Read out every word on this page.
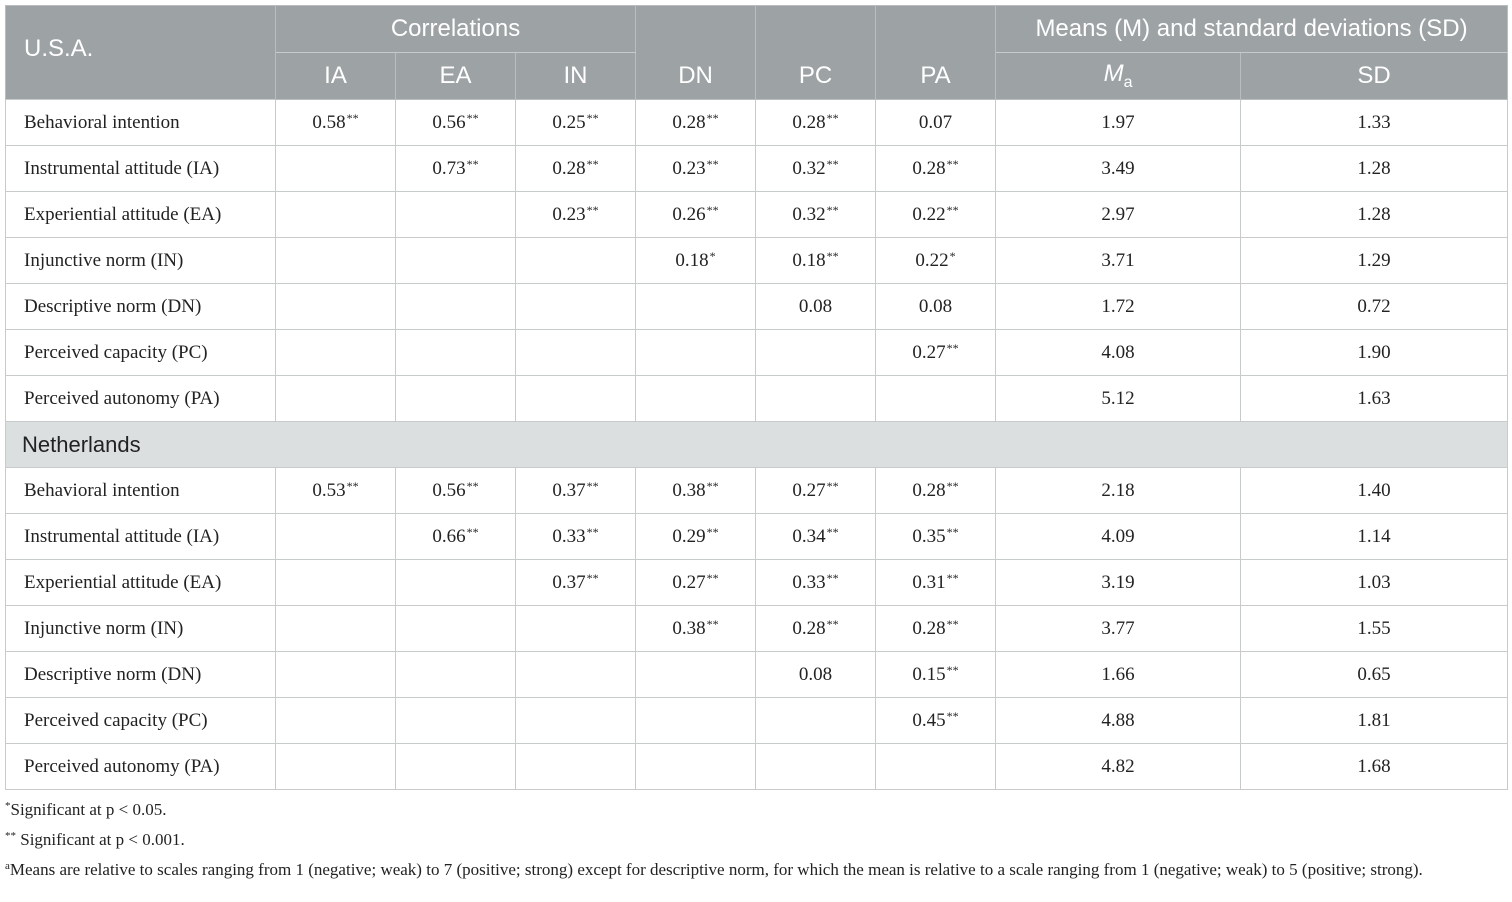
U.S.A.	Correlations						Means (M) and standard deviations (SD)	
	IA	EA	IN	DN	PC	PA	$M_a$	SD
Behavioral intention	0.58**	0.56**	0.25**	0.28**	0.28**	0.07	1.97	1.33
Instrumental attitude (IA)		0.73**	0.28**	0.23**	0.32**	0.28**	3.49	1.28
Experiential attitude (EA)			0.23**	0.26**	0.32**	0.22**	2.97	1.28
Injunctive norm (IN)				0.18*	0.18**	0.22*	3.71	1.29
Descriptive norm (DN)					0.08	0.08	1.72	0.72
Perceived capacity (PC)						0.27**	4.08	1.90
Perceived autonomy (PA)							5.12	1.63
Netherlands								
Behavioral intention	0.53**	0.56**	0.37**	0.38**	0.27**	0.28**	2.18	1.40
Instrumental attitude (IA)		0.66**	0.33**	0.29**	0.34**	0.35**	4.09	1.14
Experiential attitude (EA)			0.37**	0.27**	0.33**	0.31**	3.19	1.03
Injunctive norm (IN)				0.38**	0.28**	0.28**	3.77	1.55
Descriptive norm (DN)					0.08	0.15**	1.66	0.65
Perceived capacity (PC)						0.45**	4.88	1.81
Perceived autonomy (PA)							4.82	1.68

*Significant at p < 0.05.

** Significant at p < 0.001.

$^a$Means are relative to scales ranging from 1 (negative; weak) to 7 (positive; strong) except for descriptive norm, for which the mean is relative to a scale ranging from 1 (negative; weak) to 5 (positive; strong).
